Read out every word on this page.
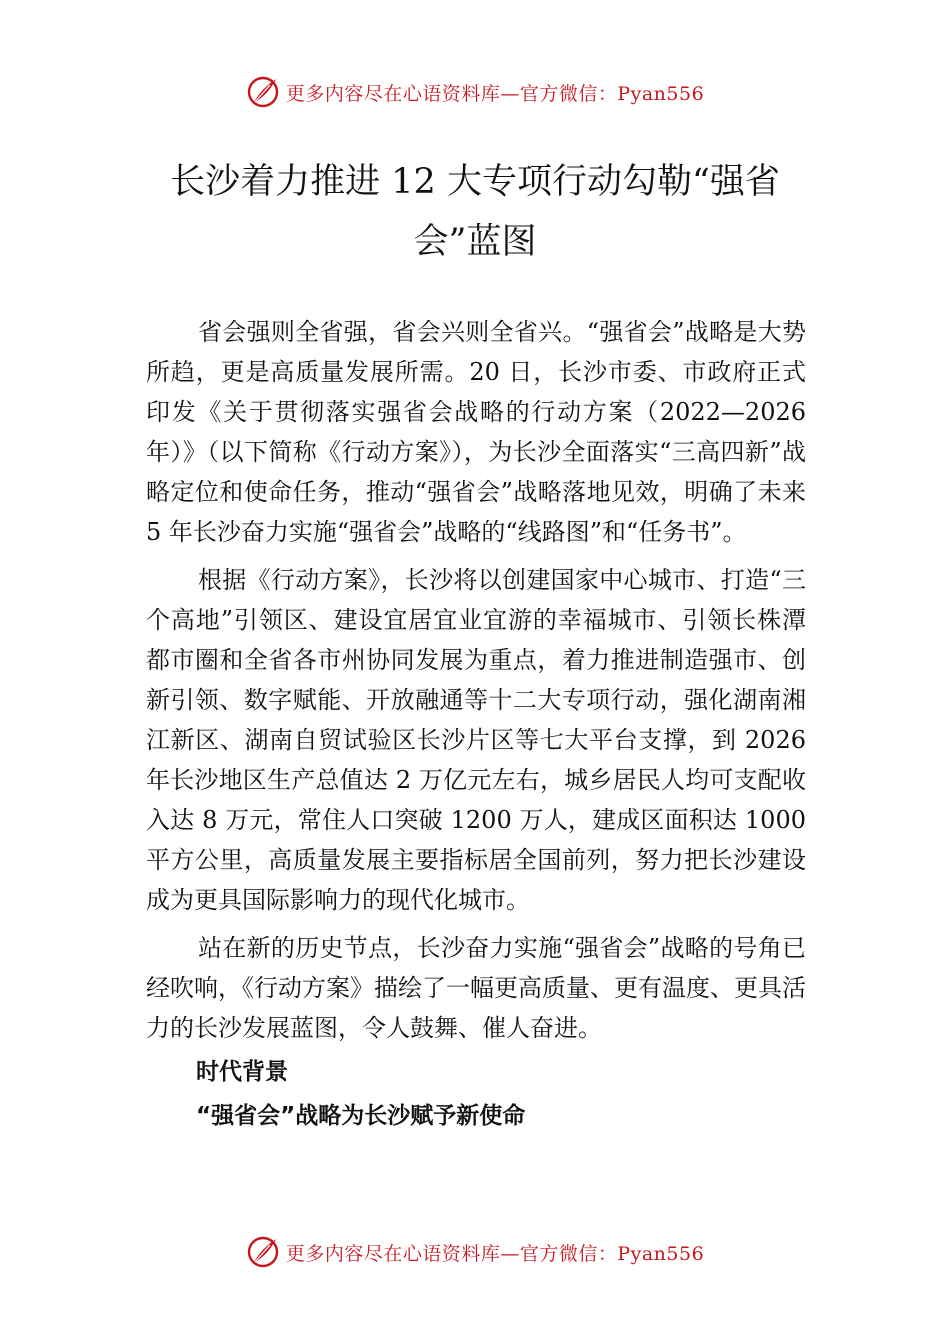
更多内容尽在心语资料库—官方微信：Pyan556
长沙着力推进 12 大专项行动勾勒“强省会”蓝图

省会强则全省强，省会兴则全省兴。“强省会”战略是大势所趋，更是高质量发展所需。20 日，长沙市委、市政府正式印发《关于贯彻落实强省会战略的行动方案（2022—2026年）》（以下简称《行动方案》），为长沙全面落实“三高四新”战略定位和使命任务，推动“强省会”战略落地见效，明确了未来 5 年长沙奋力实施“强省会”战略的“线路图”和“任务书”。

根据《行动方案》，长沙将以创建国家中心城市、打造“三个高地”引领区、建设宜居宜业宜游的幸福城市、引领长株潭都市圈和全省各市州协同发展为重点，着力推进制造强市、创新引领、数字赋能、开放融通等十二大专项行动，强化湖南湘江新区、湖南自贸试验区长沙片区等七大平台支撑，到 2026 年长沙地区生产总值达 2 万亿元左右，城乡居民人均可支配收入达 8 万元，常住人口突破 1200 万人，建成区面积达 1000 平方公里，高质量发展主要指标居全国前列，努力把长沙建设成为更具国际影响力的现代化城市。

站在新的历史节点，长沙奋力实施“强省会”战略的号角已经吹响，《行动方案》描绘了一幅更高质量、更有温度、更具活力的长沙发展蓝图，令人鼓舞、催人奋进。

时代背景

“强省会”战略为长沙赋予新使命

更多内容尽在心语资料库—官方微信：Pyan556
